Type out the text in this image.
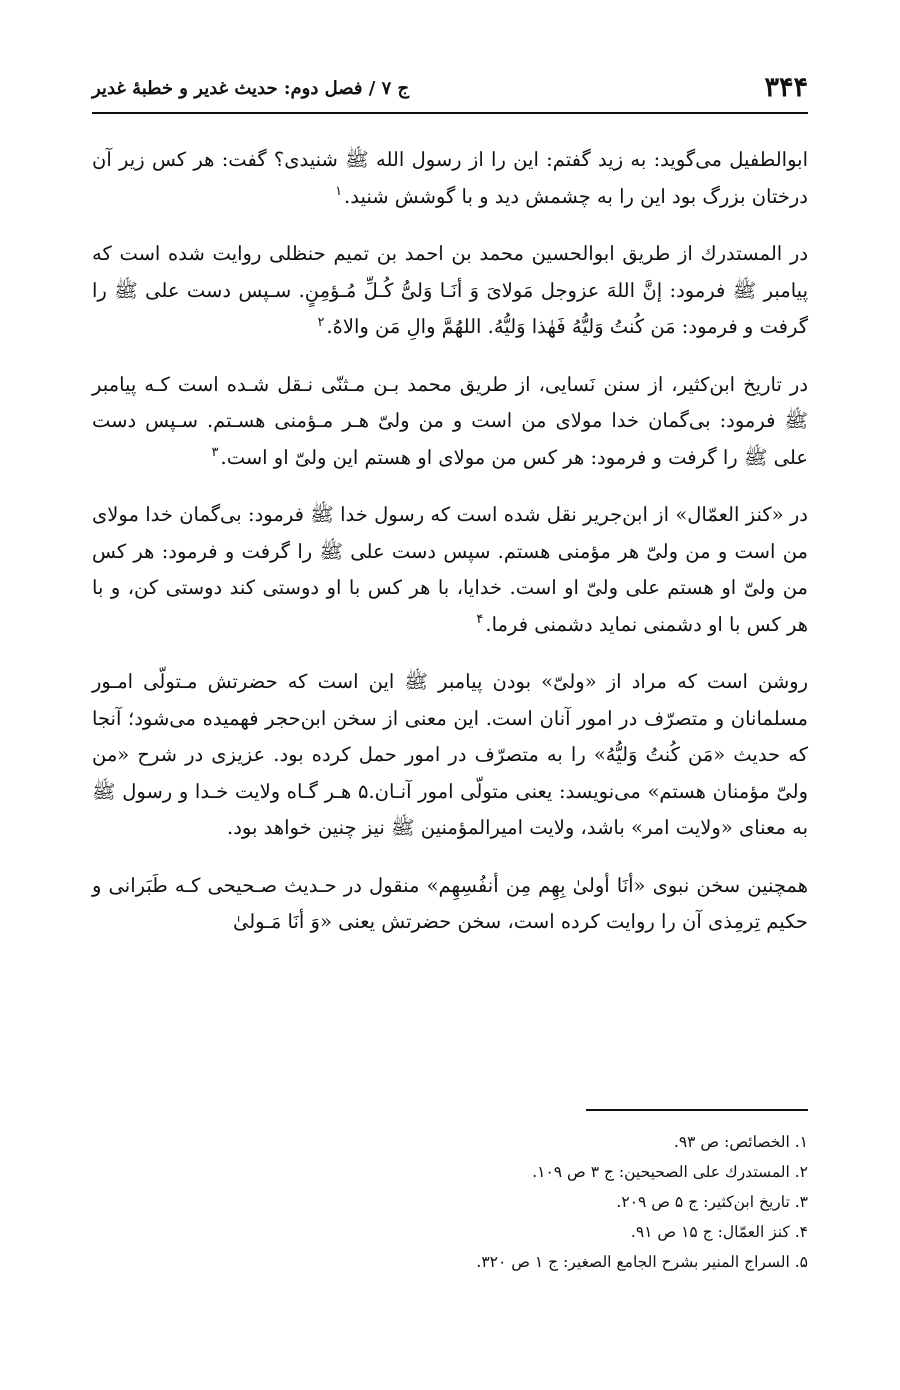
۳۴۴
ج ۷ / فصل دوم: حدیث غدیر و خطبهٔ غدیر

ابوالطفیل می‌گوید: به زید گفتم: این را از رسول الله ﷺ شنیدی؟ گفت: هر کس زیر آن درختان بزرگ بود این را به چشمش دید و با گوشش شنید.$^۱$

در المستدرك از طریق ابوالحسین محمد بن احمد بن تمیم حنظلی روایت شده است که پیامبر ﷺ فرمود: إنَّ اللهَ عزوجل مَولایَ وَ أنَـا وَلیُّ کُـلِّ مُـؤمِنٍ. سـپس دست علی ﷺ را گرفت و فرمود: مَن کُنتُ وَلیُّهُ فَهٰذا وَلیُّهُ. اللهُمَّ والِ مَن والاهُ.$^۲$

در تاریخ ابن‌کثیر، از سنن نَسایی، از طریق محمد بـن مـثنّی نـقل شـده است کـه پیامبر ﷺ فرمود: بی‌گمان خدا مولای من است و من ولیّ هـر مـؤمنی هسـتم. سـپس دست علی ﷺ را گرفت و فرمود: هر کس من مولای او هستم این ولیّ او است.$^۳$

در «کنز العمّال» از ابن‌جریر نقل شده است که رسول خدا ﷺ فرمود: بی‌گمان خدا مولای من است و من ولیّ هر مؤمنی هستم. سپس دست علی ﷺ را گرفت و فرمود: هر کس من ولیّ او هستم علی ولیّ او است. خدایا، با هر کس با او دوستی کند دوستی کن، و با هر کس با او دشمنی نماید دشمنی فرما.$^۴$

روشن است که مراد از «ولیّ» بودن پیامبر ﷺ این است که حضرتش مـتولّی امـور مسلمانان و متصرّف در امور آنان است. این معنی از سخن ابن‌حجر فهمیده می‌شود؛ آنجا که حدیث «مَن کُنتُ وَلیُّهُ» را به متصرّف در امور حمل کرده بود. عزیزی در شرح «من ولیّ مؤمنان هستم» می‌نویسد: یعنی متولّی امور آنـان.۵ هـر گـاه ولایت خـدا و رسول ﷺ به معنای «ولایت امر» باشد، ولایت امیرالمؤمنین ﷺ نیز چنین خواهد بود.

همچنین سخن نبوی «أنَا أولیٰ بِهِم مِن أنفُسِهِم» منقول در حـدیث صـحیحی کـه طَبَرانی و حکیم تِرمِذی آن را روایت کرده است، سخن حضرتش یعنی «وَ أنَا مَـولیٰ

۱. الخصائص: ص ۹۳.

۲. المستدرك علی الصحیحین: ج ۳ ص ۱۰۹.

۳. تاریخ ابن‌کثیر: ج ۵ ص ۲۰۹.

۴. کنز العمّال: ج ۱۵ ص ۹۱.

۵. السراج المنیر بشرح الجامع الصغیر: ج ۱ ص ۳۲۰.
